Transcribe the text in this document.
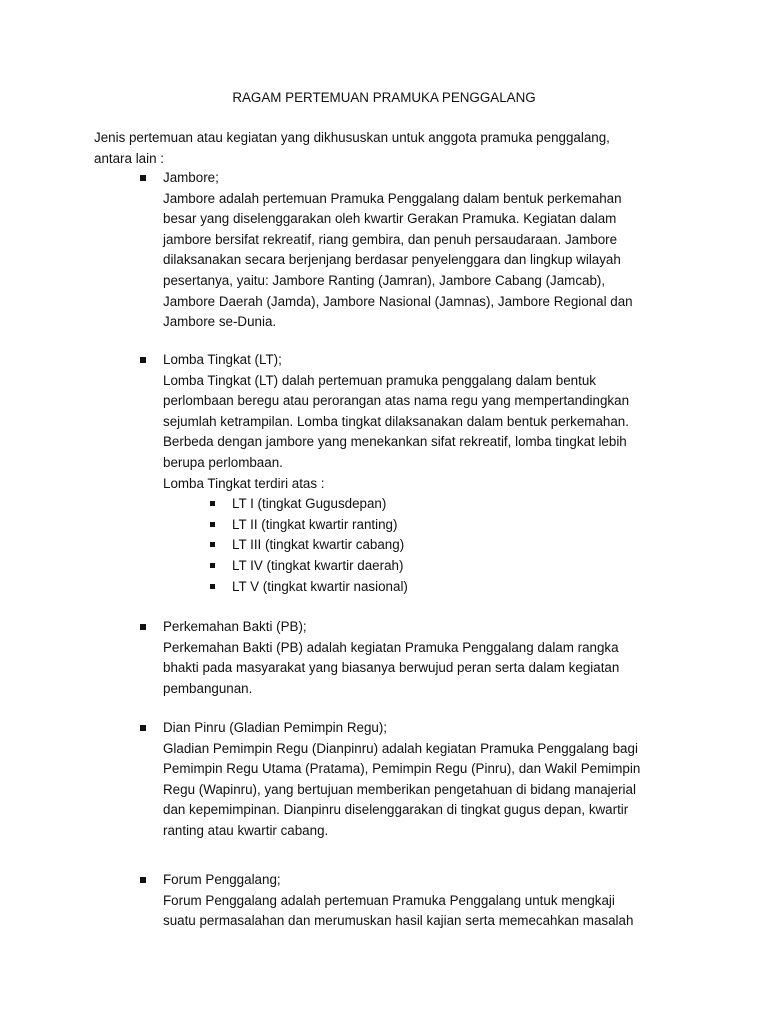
RAGAM PERTEMUAN PRAMUKA PENGGALANG
Jenis pertemuan atau kegiatan yang dikhususkan untuk anggota pramuka penggalang,
antara lain :
Jambore;
Jambore adalah pertemuan Pramuka Penggalang dalam bentuk perkemahan
besar yang diselenggarakan oleh kwartir Gerakan Pramuka. Kegiatan dalam
jambore bersifat rekreatif, riang gembira, dan penuh persaudaraan. Jambore
dilaksanakan secara berjenjang berdasar penyelenggara dan lingkup wilayah
pesertanya, yaitu: Jambore Ranting (Jamran), Jambore Cabang (Jamcab),
Jambore Daerah (Jamda), Jambore Nasional (Jamnas), Jambore Regional dan
Jambore se-Dunia.
Lomba Tingkat (LT);
Lomba Tingkat (LT) dalah pertemuan pramuka penggalang dalam bentuk
perlombaan beregu atau perorangan atas nama regu yang mempertandingkan
sejumlah ketrampilan. Lomba tingkat dilaksanakan dalam bentuk perkemahan.
Berbeda dengan jambore yang menekankan sifat rekreatif, lomba tingkat lebih
berupa perlombaan.
Lomba Tingkat terdiri atas :
LT I (tingkat Gugusdepan)
LT II (tingkat kwartir ranting)
LT III (tingkat kwartir cabang)
LT IV (tingkat kwartir daerah)
LT V (tingkat kwartir nasional)
Perkemahan Bakti (PB);
Perkemahan Bakti (PB) adalah kegiatan Pramuka Penggalang dalam rangka
bhakti pada masyarakat yang biasanya berwujud peran serta dalam kegiatan
pembangunan.
Dian Pinru (Gladian Pemimpin Regu);
Gladian Pemimpin Regu (Dianpinru) adalah kegiatan Pramuka Penggalang bagi
Pemimpin Regu Utama (Pratama), Pemimpin Regu (Pinru), dan Wakil Pemimpin
Regu (Wapinru), yang bertujuan memberikan pengetahuan di bidang manajerial
dan kepemimpinan. Dianpinru diselenggarakan di tingkat gugus depan, kwartir
ranting atau kwartir cabang.
Forum Penggalang;
Forum Penggalang adalah pertemuan Pramuka Penggalang untuk mengkaji
suatu permasalahan dan merumuskan hasil kajian serta memecahkan masalah
